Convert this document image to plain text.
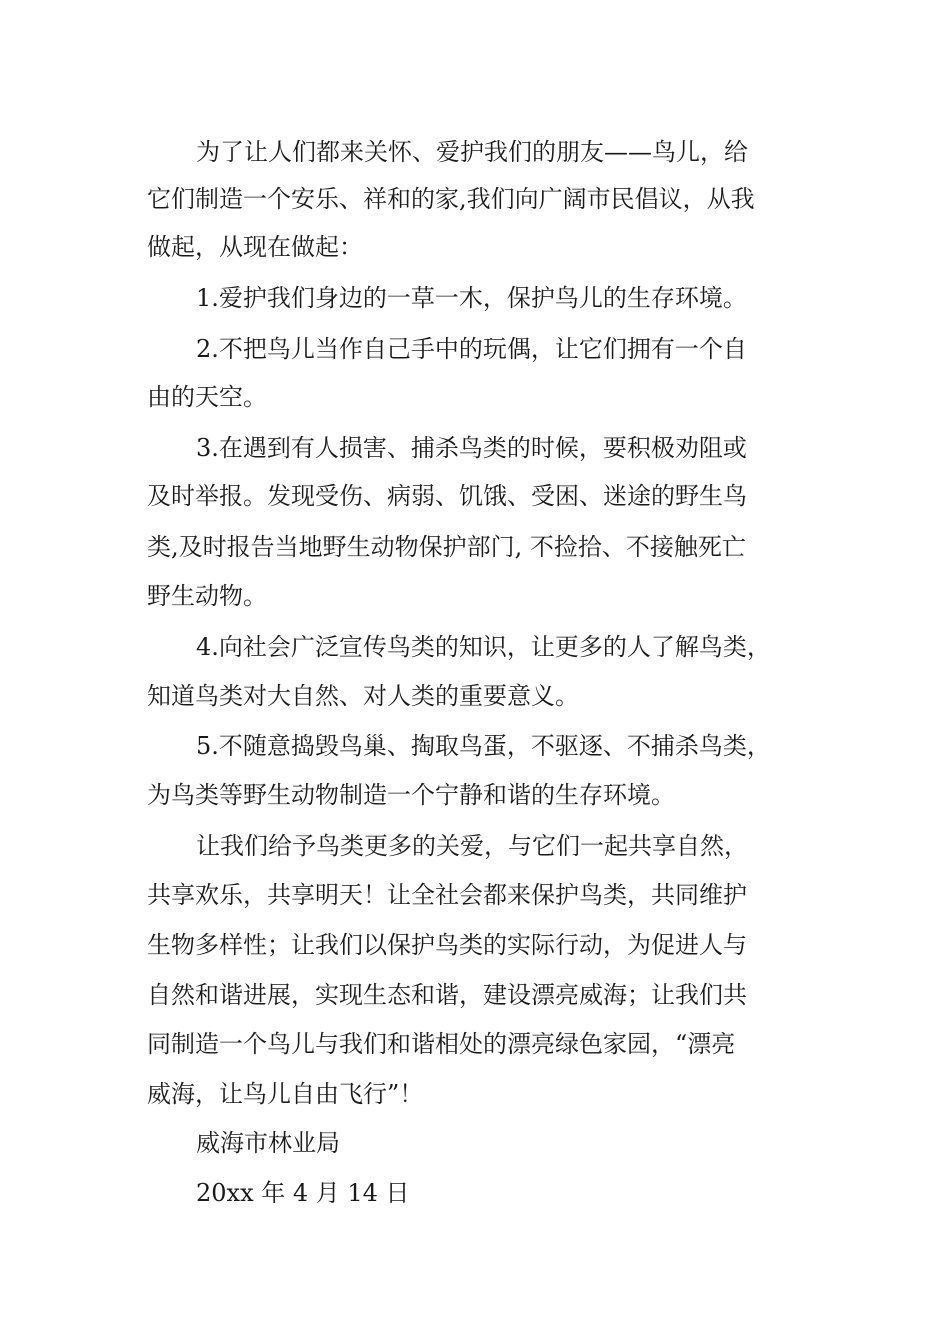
为了让人们都来关怀、爱护我们的朋友——鸟儿，给
它们制造一个安乐、祥和的家,我们向广阔市民倡议，从我
做起，从现在做起：
1.爱护我们身边的一草一木，保护鸟儿的生存环境。
2.不把鸟儿当作自己手中的玩偶，让它们拥有一个自
由的天空。
3.在遇到有人损害、捕杀鸟类的时候，要积极劝阻或
及时举报。发现受伤、病弱、饥饿、受困、迷途的野生鸟
类,及时报告当地野生动物保护部门, 不捡拾、不接触死亡
野生动物。
4.向社会广泛宣传鸟类的知识，让更多的人了解鸟类，
知道鸟类对大自然、对人类的重要意义。
5.不随意捣毁鸟巢、掏取鸟蛋，不驱逐、不捕杀鸟类，
为鸟类等野生动物制造一个宁静和谐的生存环境。
让我们给予鸟类更多的关爱，与它们一起共享自然，
共享欢乐，共享明天！让全社会都来保护鸟类，共同维护
生物多样性；让我们以保护鸟类的实际行动，为促进人与
自然和谐进展，实现生态和谐，建设漂亮威海；让我们共
同制造一个鸟儿与我们和谐相处的漂亮绿色家园，“漂亮
威海，让鸟儿自由飞行”！
威海市林业局
20xx 年 4 月 14 日
